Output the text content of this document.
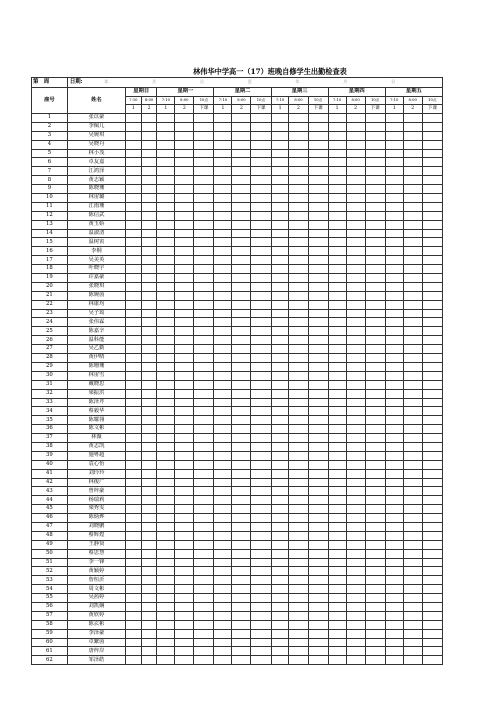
林伟华中学高一（17）班晚自修学生出勤检查表
第　周	日期: 年 月 日 至 年 月 日																	
座号	姓名	星期日		星期一			星期二			星期三			星期四			星期五		
		7:10	8:00	7:10	8:00	10点	7:10	8:00	10点	7:10	8:00	10点	7:10	8:00	10点	7:10	8:00	10点
		1	2	1	2	下课	1	2	下课	1	2	下课	1	2	下课	1	2	下课
1	张苡豪																	
2	李佩儿																	
3	吴婉琪																	
4	吴晓丹																	
5	林小茂																	
6	卓友嘉																	
7	江鸿泽																	
8	黄志颖																	
9	陈晓珊																	
10	林宙璐																	
11	江雨珊																	
12	陈信武																	
13	黄玉娇																	
14	温淑清																	
15	温树寅																	
16	李桐																	
17	吴美英																	
18	叶晓宇																	
19	许嘉豪																	
20	张晓琪																	
21	陈婉茵																	
22	林康均																	
23	吴子筠																	
24	张伟霖																	
25	陈嘉辛																	
26	温科能																	
27	吴乙勤																	
28	黄伊晴																	
29	陈珊珊																	
30	林宙雪																	
31	戴晓思																	
32	梁振洪																	
33	陈泽芹																	
34	蔡毅华																	
35	陈耀翎																	
36	陈文彬																	
37	林薇																	
38	黄志凯																	
39	施粤超																	
40	袁心怡																	
41	刘玲玲																	
42	林俊广																	
43	曾梓豪																	
44	杨瑞莉																	
45	梁秀雯																	
46	陈炳烨																	
47	刘晓鹏																	
48	蔡辉煌																	
49	王静贤																	
50	蔡思慧																	
51	李一锋																	
52	黄颖婷																	
53	詹桓沂																	
54	周文彬																	
55	吴茜婷																	
56	刘凯娴																	
57	黄欣婷																	
58	陈玄彬																	
59	李泽豪																	
60	卓繁茵																	
61	唐梓岸																	
62	邹泽皓																	
